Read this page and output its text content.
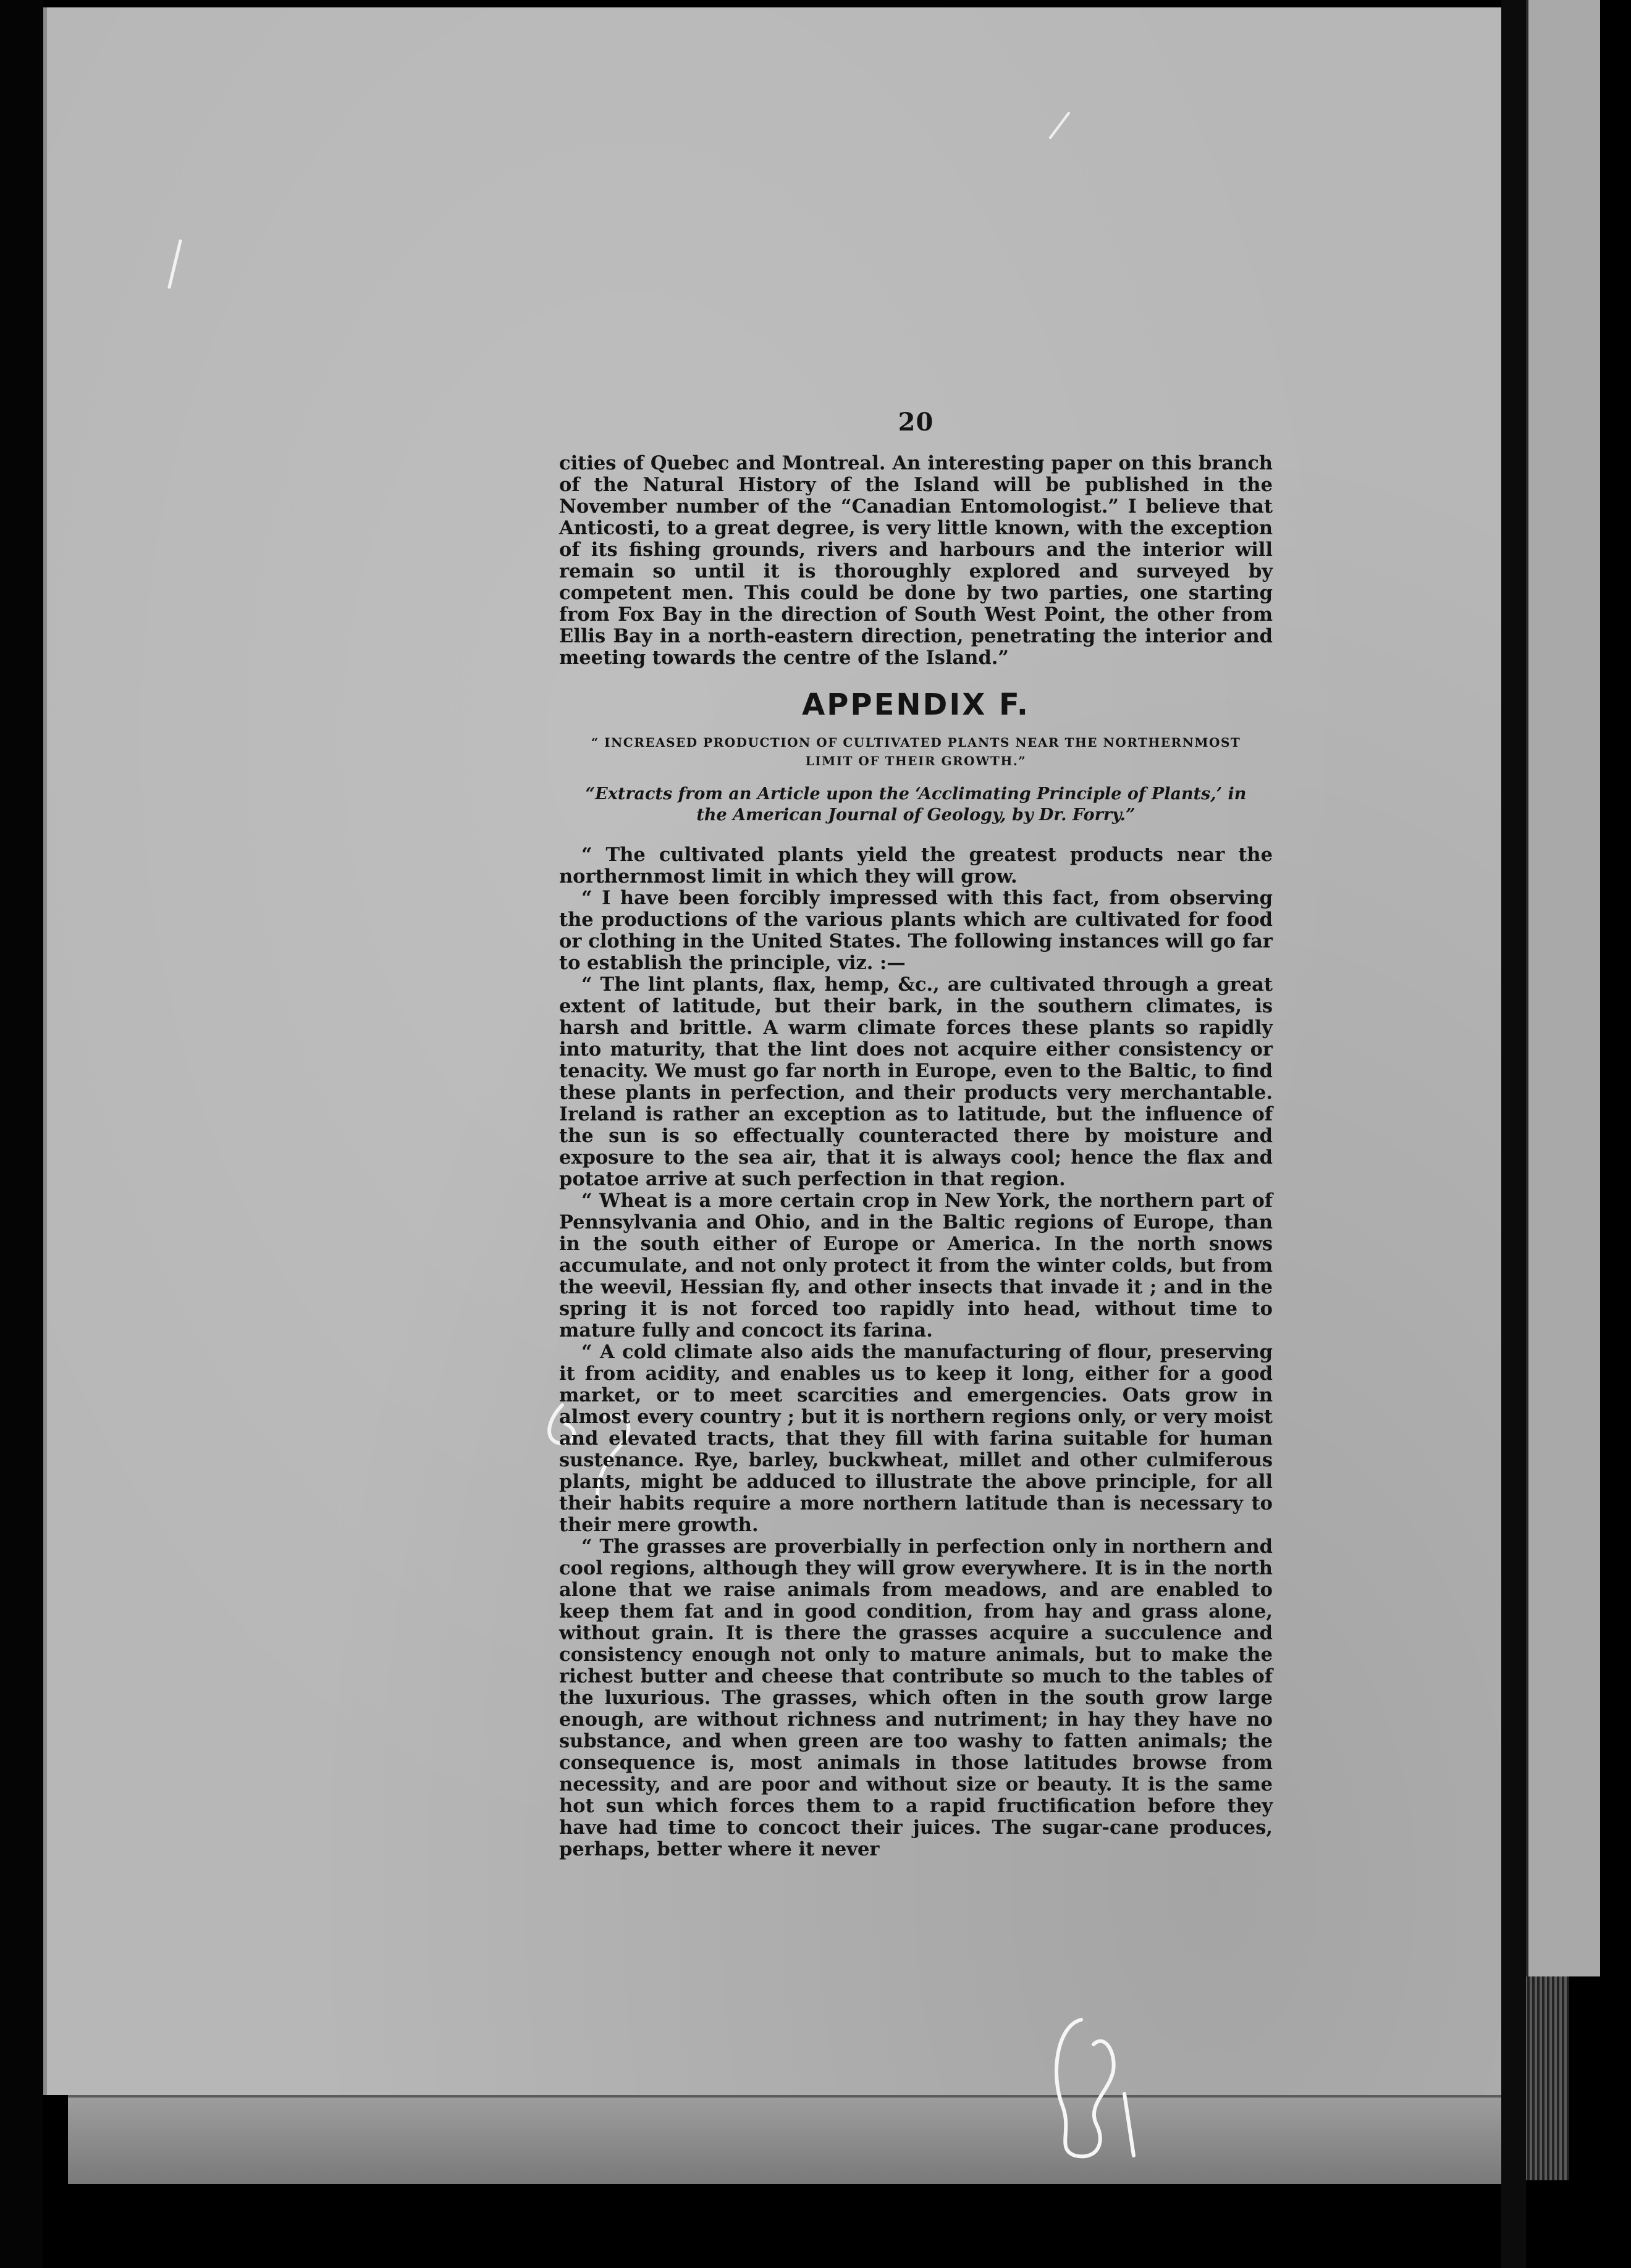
20

cities of Quebec and Montreal. An interesting paper on this branch of the Natural History of the Island will be published in the November number of the “Canadian Entomologist.” I believe that Anticosti, to a great degree, is very little known, with the exception of its fishing grounds, rivers and harbours and the interior will remain so until it is thoroughly explored and surveyed by competent men. This could be done by two parties, one starting from Fox Bay in the direction of South West Point, the other from Ellis Bay in a north-eastern direction, penetrating the interior and meeting towards the centre of the Island.”

APPENDIX F.
“ INCREASED PRODUCTION OF CULTIVATED PLANTS NEAR THE NORTHERNMOST LIMIT OF THEIR GROWTH.”
“Extracts from an Article upon the ‘Acclimating Principle of Plants,’ in the American Journal of Geology, by Dr. Forry.”

“ The cultivated plants yield the greatest products near the northernmost limit in which they will grow.

“ I have been forcibly impressed with this fact, from observing the productions of the various plants which are cultivated for food or clothing in the United States. The following instances will go far to establish the principle, viz. :—

“ The lint plants, flax, hemp, &c., are cultivated through a great extent of latitude, but their bark, in the southern climates, is harsh and brittle. A warm climate forces these plants so rapidly into maturity, that the lint does not acquire either consistency or tenacity. We must go far north in Europe, even to the Baltic, to find these plants in perfection, and their products very merchantable. Ireland is rather an exception as to latitude, but the influence of the sun is so effectually counteracted there by moisture and exposure to the sea air, that it is always cool; hence the flax and potatoe arrive at such perfection in that region.

“ Wheat is a more certain crop in New York, the northern part of Pennsylvania and Ohio, and in the Baltic regions of Europe, than in the south either of Europe or America. In the north snows accumulate, and not only protect it from the winter colds, but from the weevil, Hessian fly, and other insects that invade it ; and in the spring it is not forced too rapidly into head, without time to mature fully and concoct its farina.

“ A cold climate also aids the manufacturing of flour, preserving it from acidity, and enables us to keep it long, either for a good market, or to meet scarcities and emergencies. Oats grow in almost every country ; but it is northern regions only, or very moist and elevated tracts, that they fill with farina suitable for human sustenance. Rye, barley, buckwheat, millet and other culmiferous plants, might be adduced to illustrate the above principle, for all their habits require a more northern latitude than is necessary to their mere growth.

“ The grasses are proverbially in perfection only in northern and cool regions, although they will grow everywhere. It is in the north alone that we raise animals from meadows, and are enabled to keep them fat and in good condition, from hay and grass alone, without grain. It is there the grasses acquire a succulence and consistency enough not only to mature animals, but to make the richest butter and cheese that contribute so much to the tables of the luxurious. The grasses, which often in the south grow large enough, are without richness and nutriment; in hay they have no substance, and when green are too washy to fatten animals; the consequence is, most animals in those latitudes browse from necessity, and are poor and without size or beauty. It is the same hot sun which forces them to a rapid fructification before they have had time to concoct their juices. The sugar-cane produces, perhaps, better where it never
